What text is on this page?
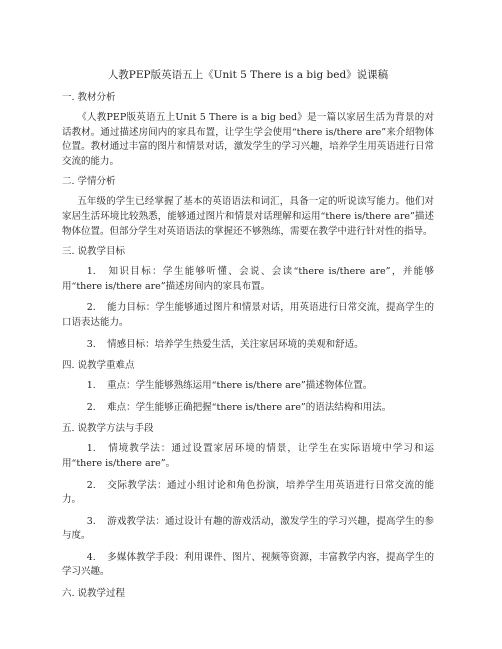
人教PEP版英语五上《Unit 5 There is a big bed》说课稿
一. 教材分析

《人教PEP版英语五上Unit 5 There is a big bed》是一篇以家居生活为背景的对话教材。通过描述房间内的家具布置，让学生学会使用“there is/there are”来介绍物体位置。教材通过丰富的图片和情景对话，激发学生的学习兴趣，培养学生用英语进行日常交流的能力。

二. 学情分析

五年级的学生已经掌握了基本的英语语法和词汇，具备一定的听说读写能力。他们对家居生活环境比较熟悉，能够通过图片和情景对话理解和运用“there is/there are”描述物体位置。但部分学生对英语语法的掌握还不够熟练，需要在教学中进行针对性的指导。

三. 说教学目标

1. 知识目标：学生能够听懂、会说、会读“there is/there are”，并能够用“there is/there are”描述房间内的家具布置。

2. 能力目标：学生能够通过图片和情景对话，用英语进行日常交流，提高学生的口语表达能力。

3. 情感目标：培养学生热爱生活，关注家居环境的美观和舒适。

四. 说教学重难点

1. 重点：学生能够熟练运用“there is/there are”描述物体位置。

2. 难点：学生能够正确把握“there is/there are”的语法结构和用法。

五. 说教学方法与手段

1. 情境教学法：通过设置家居环境的情景，让学生在实际语境中学习和运用“there is/there are”。

2. 交际教学法：通过小组讨论和角色扮演，培养学生用英语进行日常交流的能力。

3. 游戏教学法：通过设计有趣的游戏活动，激发学生的学习兴趣，提高学生的参与度。

4. 多媒体教学手段：利用课件、图片、视频等资源，丰富教学内容，提高学生的学习兴趣。

六. 说教学过程
